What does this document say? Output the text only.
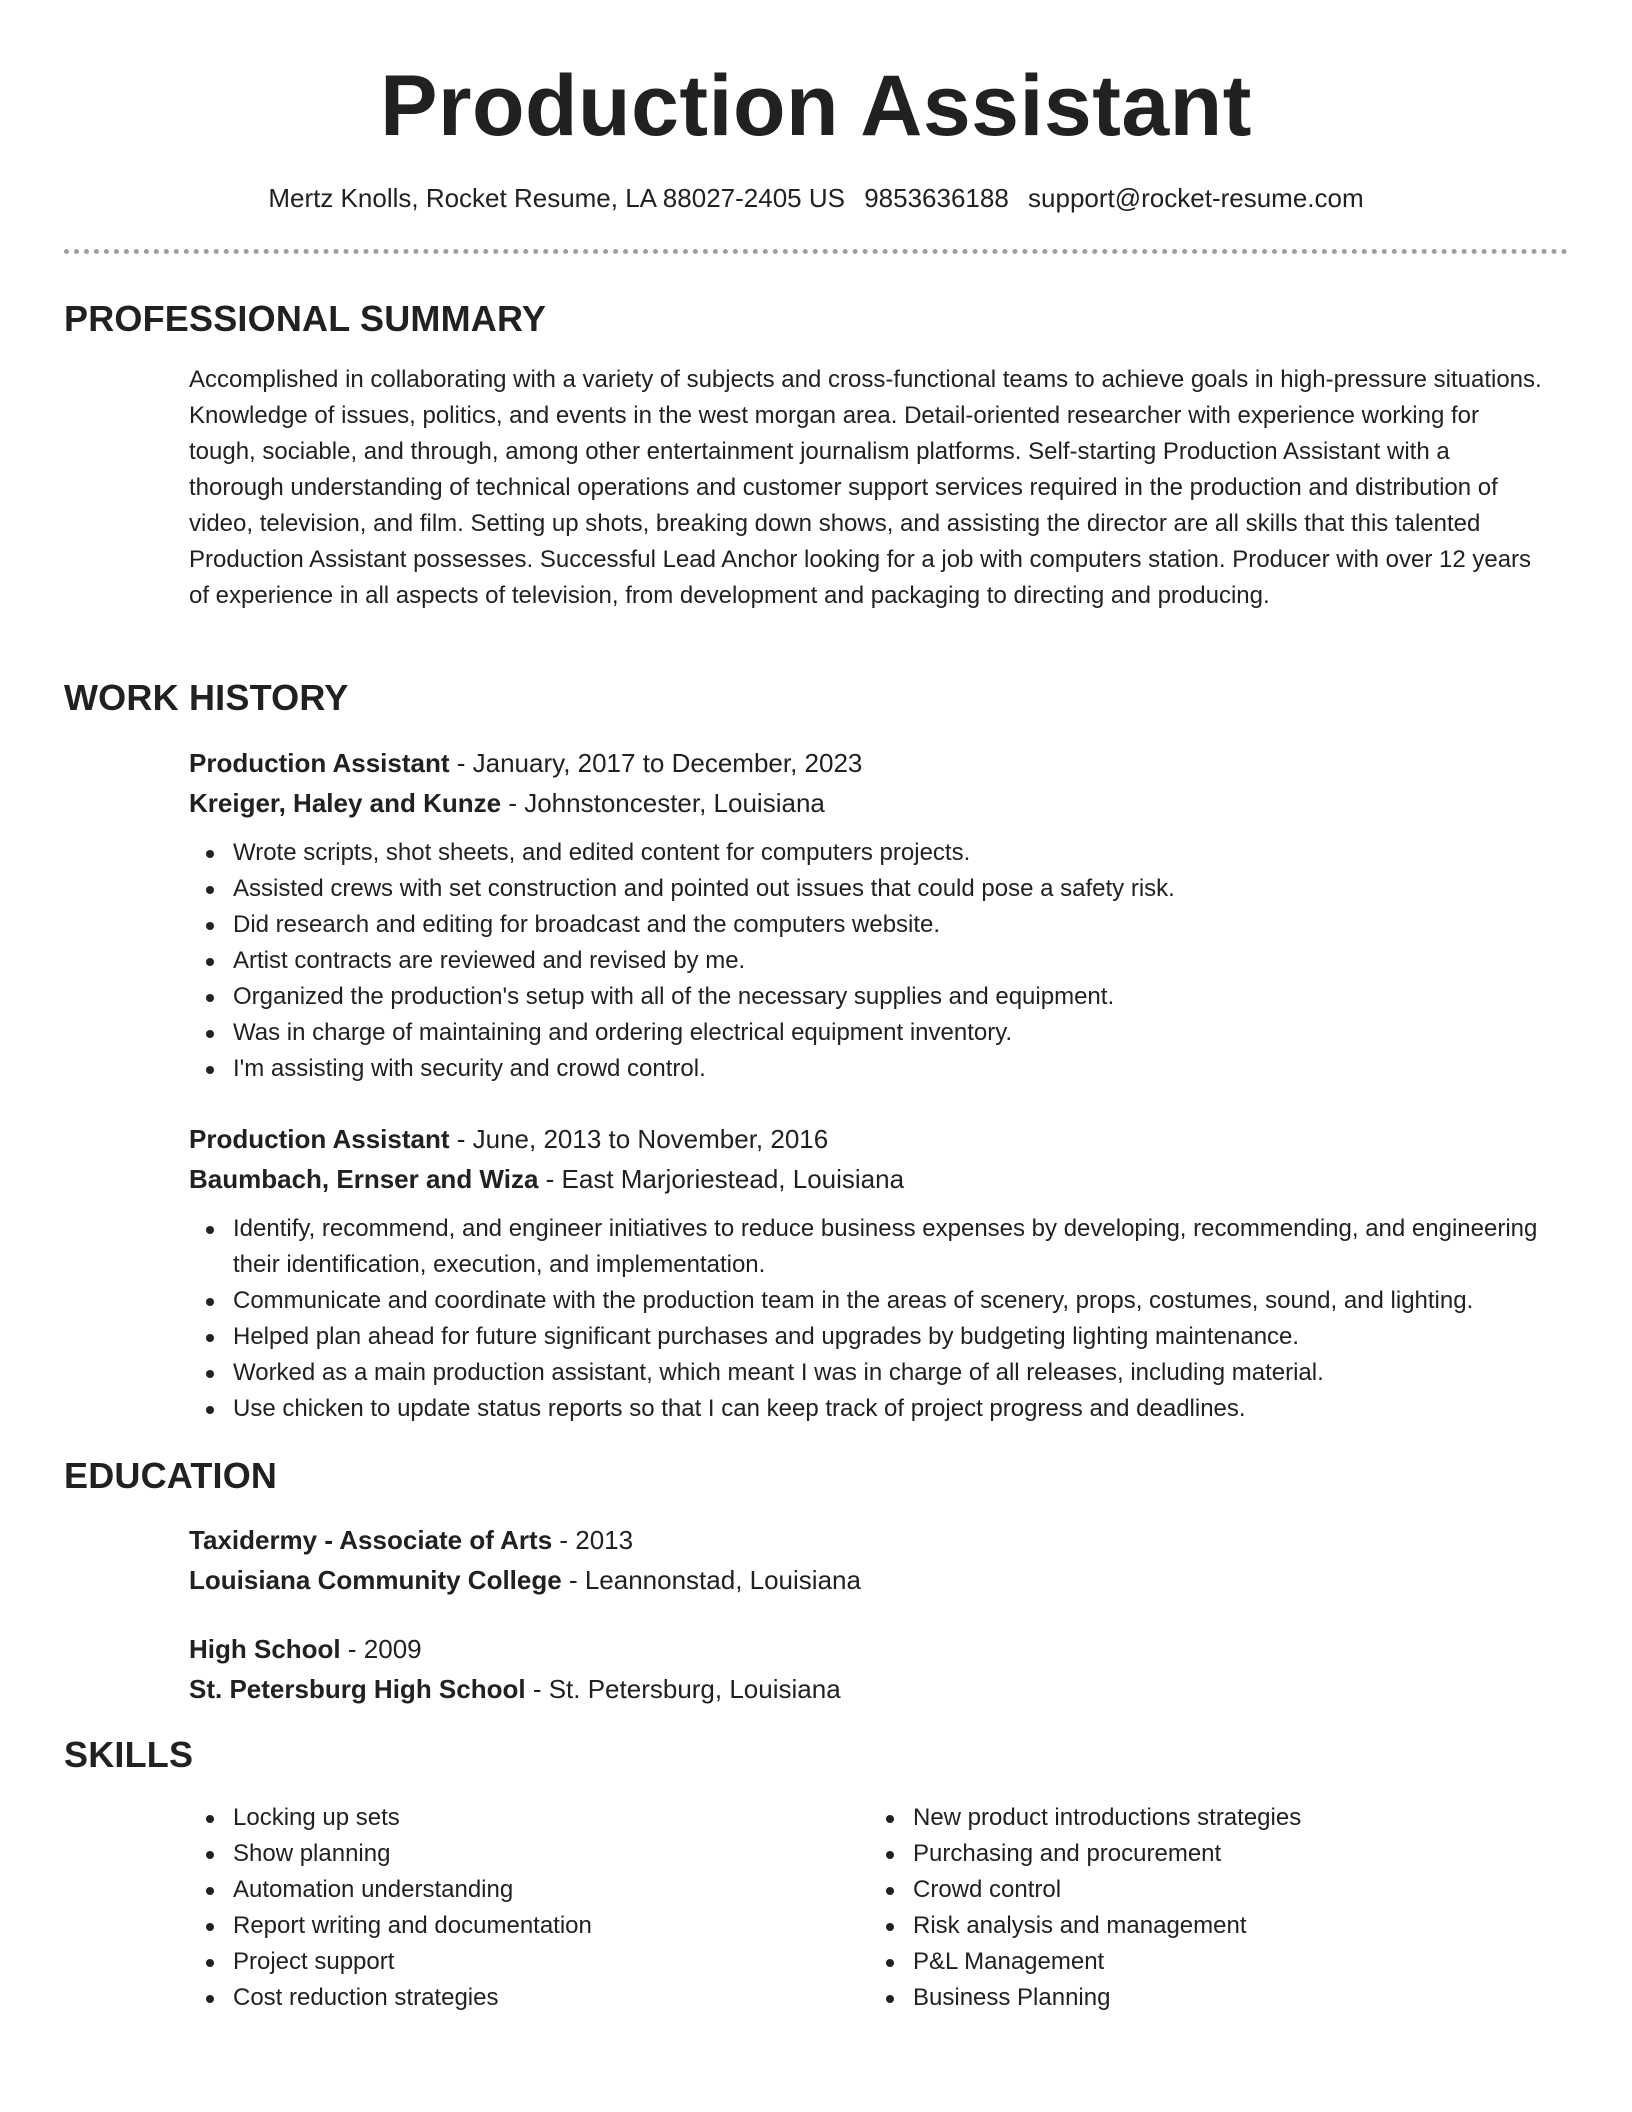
Production Assistant
Mertz Knolls, Rocket Resume, LA 88027-2405 US 9853636188 support@rocket-resume.com
PROFESSIONAL SUMMARY
Accomplished in collaborating with a variety of subjects and cross-functional teams to achieve goals in high-pressure situations. Knowledge of issues, politics, and events in the west morgan area. Detail-oriented researcher with experience working for tough, sociable, and through, among other entertainment journalism platforms. Self-starting Production Assistant with a thorough understanding of technical operations and customer support services required in the production and distribution of video, television, and film. Setting up shots, breaking down shows, and assisting the director are all skills that this talented Production Assistant possesses. Successful Lead Anchor looking for a job with computers station. Producer with over 12 years of experience in all aspects of television, from development and packaging to directing and producing.
WORK HISTORY
Production Assistant - January, 2017 to December, 2023
Kreiger, Haley and Kunze - Johnstoncester, Louisiana
Wrote scripts, shot sheets, and edited content for computers projects.
Assisted crews with set construction and pointed out issues that could pose a safety risk.
Did research and editing for broadcast and the computers website.
Artist contracts are reviewed and revised by me.
Organized the production's setup with all of the necessary supplies and equipment.
Was in charge of maintaining and ordering electrical equipment inventory.
I'm assisting with security and crowd control.
Production Assistant - June, 2013 to November, 2016
Baumbach, Ernser and Wiza - East Marjoriestead, Louisiana
Identify, recommend, and engineer initiatives to reduce business expenses by developing, recommending, and engineering their identification, execution, and implementation.
Communicate and coordinate with the production team in the areas of scenery, props, costumes, sound, and lighting.
Helped plan ahead for future significant purchases and upgrades by budgeting lighting maintenance.
Worked as a main production assistant, which meant I was in charge of all releases, including material.
Use chicken to update status reports so that I can keep track of project progress and deadlines.
EDUCATION
Taxidermy - Associate of Arts - 2013
Louisiana Community College - Leannonstad, Louisiana
High School - 2009
St. Petersburg High School - St. Petersburg, Louisiana
SKILLS
Locking up sets
Show planning
Automation understanding
Report writing and documentation
Project support
Cost reduction strategies
New product introductions strategies
Purchasing and procurement
Crowd control
Risk analysis and management
P&L Management
Business Planning
